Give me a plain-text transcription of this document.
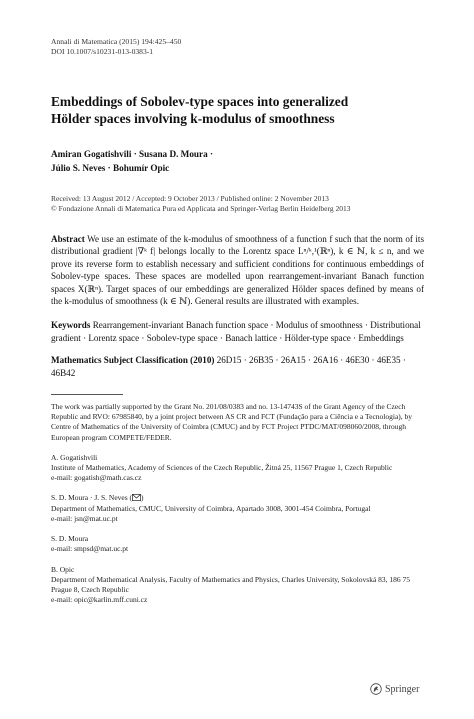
Annali di Matematica (2015) 194:425–450
DOI 10.1007/s10231-013-0383-1
Embeddings of Sobolev-type spaces into generalized
Hölder spaces involving k-modulus of smoothness
Amiran Gogatishvili · Susana D. Moura ·
Júlio S. Neves · Bohumír Opic
Received: 13 August 2012 / Accepted: 9 October 2013 / Published online: 2 November 2013
© Fondazione Annali di Matematica Pura ed Applicata and Springer-Verlag Berlin Heidelberg 2013
Abstract We use an estimate of the k-modulus of smoothness of a function f such that the norm of its distributional gradient |∇ᵏ f| belongs locally to the Lorentz space Lⁿ/ᵏ,¹(ℝⁿ), k ∈ ℕ, k ≤ n, and we prove its reverse form to establish necessary and sufficient conditions for continuous embeddings of Sobolev-type spaces. These spaces are modelled upon rearrangement-invariant Banach function spaces X(ℝⁿ). Target spaces of our embeddings are generalized Hölder spaces defined by means of the k-modulus of smoothness (k ∈ ℕ). General results are illustrated with examples.
Keywords Rearrangement-invariant Banach function space · Modulus of smoothness · Distributional gradient · Lorentz space · Sobolev-type space · Banach lattice · Hölder-type space · Embeddings
Mathematics Subject Classification (2010) 26D15 · 26B35 · 26A15 · 26A16 · 46E30 · 46E35 · 46B42
The work was partially supported by the Grant No. 201/08/0383 and no. 13-14743S of the Grant Agency of the Czech Republic and RVO: 67985840, by a joint project between AS CR and FCT (Fundação para a Ciência e a Tecnologia), by Centre of Mathematics of the University of Coimbra (CMUC) and by FCT Project PTDC/MAT/098060/2008, through European program COMPETE/FEDER.

A. Gogatishvili

Institute of Mathematics, Academy of Sciences of the Czech Republic, Žitná 25, 11567 Prague 1, Czech Republic

e-mail: gogatish@math.cas.cz

S. D. Moura · J. S. Neves ( )

Department of Mathematics, CMUC, University of Coimbra, Apartado 3008, 3001-454 Coimbra, Portugal

e-mail: jsn@mat.uc.pt

S. D. Moura

e-mail: smpsd@mat.uc.pt

B. Opic

Department of Mathematical Analysis, Faculty of Mathematics and Physics, Charles University, Sokolovská 83, 186 75 Prague 8, Czech Republic

e-mail: opic@karlin.mff.cuni.cz

Springer
